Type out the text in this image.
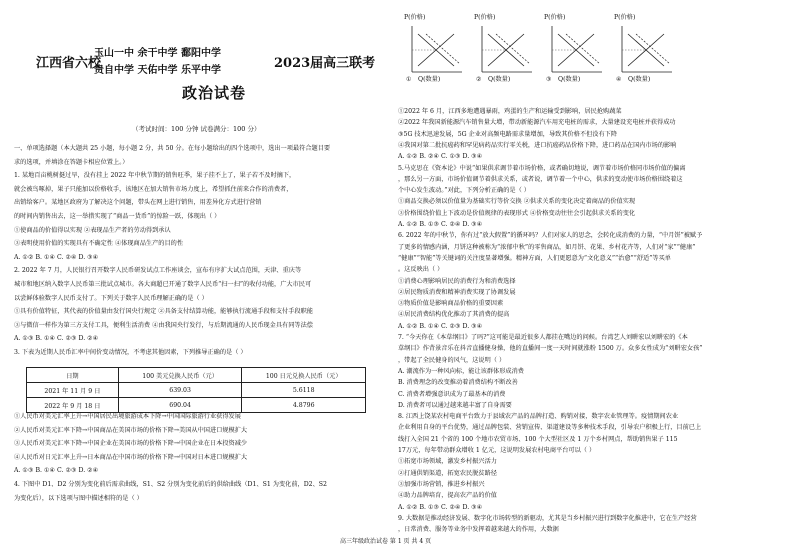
江西省六校
玉山一中 余干中学 鄱阳中学
贵自中学 天佑中学 乐平中学	2023届高三联考
政治试卷
（考试时间：100 分钟 试卷满分：100 分）
一、单项选择题（本大题共 25 小题，每小题 2 分，共 50 分。在每小题给出的四个选项中，选出一项最符合题目要
求的选项，并填涂在答题卡相应位置上。）
1. 某地百亩桃树挺过旱，没有挂上 2022 年中秋节期的销售旺季，果子挂不上了，果子若不及时摘下，
就会被鸟啄掉，果子只能加以价格收手，该地区在加大销售市场力度上，希望抓住前来合作的消费者，
出销给客户。某地区政府为了解决这个问题，带头在网上进行销售，用差异化方式进行营销
的时间内销售出去，这一举措实现了“商品一货币”的惊险一跃，体现出（ ）
①使商品的价值得以实现 ②表现品生产者的劳动得到承认
③表明使用价值的实现具有不确定性 ④体现商品生产的目的性
A. ①② B. ①④ C. ②④ D. ③④
2. 2022 年 7 月，人民银行召开数字人民币研发试点工作座谈会，宣布有序扩大试点范围，天津、重庆等
城市和地区纳入数字人民币第三批试点城市。各大商超已开通了数字人民币“扫一扫”的收付功能，广大市民可
以尝鲜体验数字人民币支付了。下列关于数字人民币理解正确的是（ ）
①具有价值特征，其代表的价值量由发行国央行规定 ②具备支付结算功能，能够执行流通手段和支付手段职能
③与微信一样作为第三方支付工具，便利生活消费 ④由我国央行发行，与后期流通的人民币现金具有同等法偿
A. ①③ B. ①④ C. ②③ D. ②④
3. 下表为近期人民币汇率中间价变动情况，不考虑其他因素，下列推导正确的是（ ）
日期	100 美元兑换人民币（元）	100 日元兑换人民币（元）
2021 年 11 月 9 日	639.03	5.6118
2022 年 9 月 18 日	690.04	4.8796
①人民币对美元汇率上升→中国居民出境旅游成本下降→中国国际旅游行业获得发展
②人民币对美元汇率下降→中国商品在美国市场的价格下降→美国从中国进口规模扩大
③人民币对美元汇率下降→中国企业在美国市场的价格下降→中国企业在日本投资减少
④人民币对日元汇率上升→日本商品在中国市场的价格下降→中国对日本进口规模扩大
A. ①③ B. ①④ C. ②③ D. ②④
4. 下图中 D1、D2 分别为变化前后需求曲线，S1、S2 分别为变化前后的供给曲线（D1、S1 为变化前，D2、S2
为变化后），以下选项与图中描述相符的是（ ）
P(价格)
Q(数量)
①
P(价格)
Q(数量)
②
P(价格)
Q(数量)
③
P(价格)
Q(数量)
④
①2022 年 6 月，江西多地遭遇暴雨，鸡蛋的生产和运输受到影响，居民抢购蔬菜
②2022 年我国新能源汽车销售量大增，带动新能源汽车用充电桩的需求，大量建设充电桩并获得成功
③5G 技术迅速发展，5G 企业对高频电路需求量增加，导致其价格不但没有下降
④我国对第二批抗癌药和罕见病药品实行零关税，进口抗癌药品价格下降，进口药品在国内市场的影响
A. ①② B. ②④ C. ①③ D. ③④
5.马克思在《资本论》中说“如果供求调节着市场价格，或者确切地说，调节着市场价格同市场价值的偏离
，那么另一方面，市场价值调节着供求关系，或者说，调节着一个中心，供求的变动使市场价格围绕着这
个中心发生波动。”对此，下列分析正确的是（ ）
①商品交换必须以价值量为基础实行等价交换 ②供求关系的变化决定着商品的价值实现
③价格围绕价值上下波动是价值规律的表现形式 ④价格变动往往会引起供求关系的变化
A. ①② B. ①③ C. ②④ D. ③④
6. 2022 年的中秋节，你有过“放大假置”的循环吗？人们对家人的思念，会转化成消费的力量，“中月饼”被赋予
了更多的情感内涵，月饼这种被称为“浓郁中秋”的零售商品，如月饼、花果、乡村花卉等，人们对“家”“健康”
“健康”“智能”等关键词的关注度显著增强。精神方面，人们更愿意为“文化意义”“治愈”“舒适”等买单
。这反映出（ ）
①消费心理影响居民的消费行为和消费选择
②居民物质消费和精神消费实现了协调发展
③物质价值是影响商品价格的重要因素
④居民消费结构优化推动了其消费的提高
A. ①② B. ①④ C. ②③ D. ③④
7. “今天你在《本草纲目》了吗?”这可能是最近很多人都挂在嘴边的问候。台湾艺人刘畊宏以刘畊宏的《本
草纲目》作背景音乐在抖音直播健身操，他的直播间一度一天时间就涨粉 1500 万。众多女性成为“刘畊宏女孩”
，带起了全民健身的风气，这说明（ ）
A. 潮流作为一种风向标，能让该群体形成消费
B. 消费理念的改变推动着消费结构不断改善
C. 消费者增强意识成为了最基本的消费
D. 消费者可以通过越来越丰富了自身需要
8. 江西上饶某农村电商平台致力于县域农产品的品牌打造、购销对接，数字农业管理等。疫情期间农业
企业利用自身的平台优势，通过品牌包装、营销宣传、渠道建设等多种技术手段，引导农户积极上行，目前已上
线打入全国 21 个省的 100 个地市农贸市场、100 个大型社区及 1 万个乡村网点，帮助销售果子 115
17万元，每年带动群众增收 1 亿元，这说明发展农村电商平台可以（ ）
①拓宽市场领域，激发乡村振兴活力
②打通供销渠道，拓宽农民脱贫路径
③加强市场营销，推进乡村振兴
④助力品牌培育，提高农产品的价值
A. ①② B. ①③ C. ②④ D. ③④
9. 大数据是推动经济发展、数字化市场转型的新驱动，尤其是当乡村振兴进行到数字化推进中，它在生产经营
，日常消费、服务等业务中发挥着越来越大的作用，大数据
高三年级政治试卷 第 1 页 共 4 页
